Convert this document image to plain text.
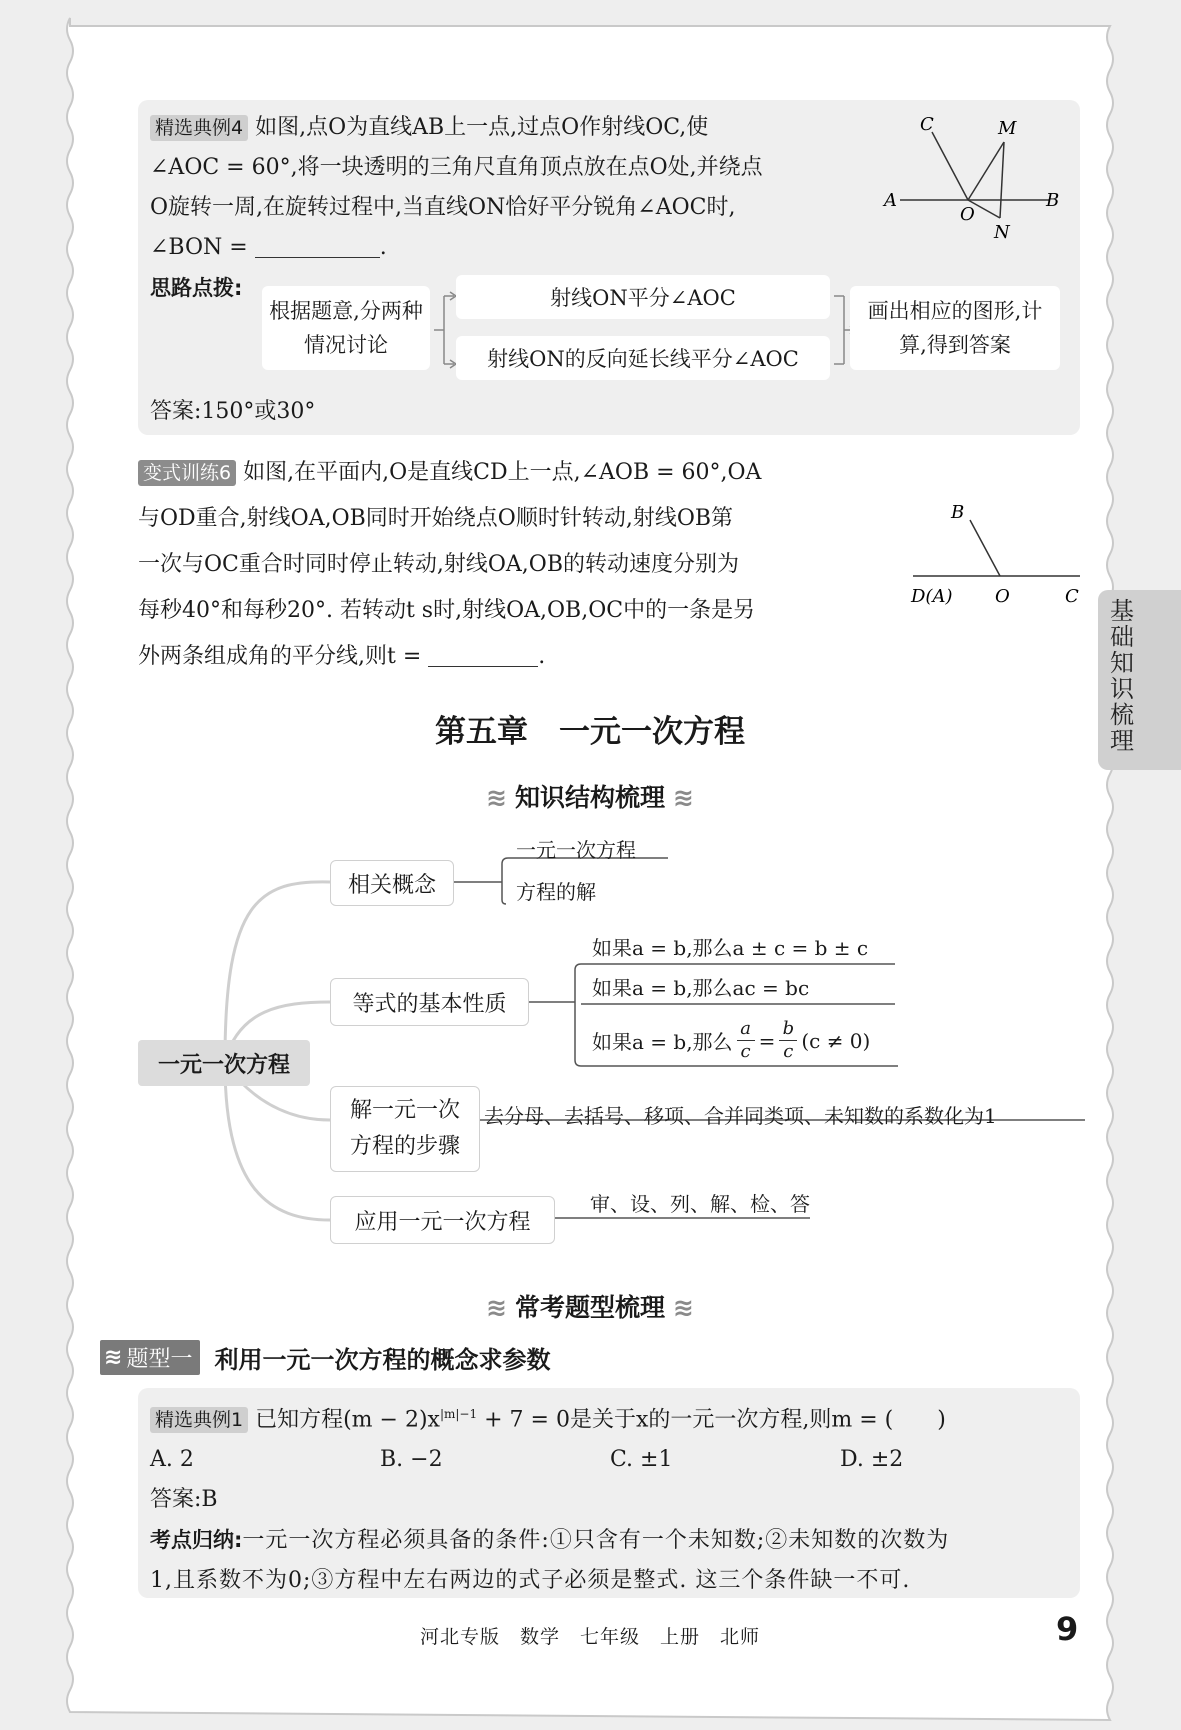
基
础
知
识
梳
理
精选典例4 如图,点O为直线AB上一点,过点O作射线OC,使
∠AOC = 60°,将一块透明的三角尺直角顶点放在点O处,并绕点
O旋转一周,在旋转过程中,当直线ON恰好平分锐角∠AOC时,
∠BON =	.
C	M
A
O
B
N
思路点拨:
根据题意,分两种情况讨论
射线ON平分∠AOC
射线ON的反向延长线平分∠AOC
画出相应的图形,计算,得到答案
答案:150°或30°
变式训练6 如图,在平面内,O是直线CD上一点,∠AOB = 60°,OA
与OD重合,射线OA,OB同时开始绕点O顺时针转动,射线OB第
一次与OC重合时同时停止转动,射线OA,OB的转动速度分别为
每秒40°和每秒20°. 若转动t s时,射线OA,OB,OC中的一条是另
外两条组成角的平分线,则t =	.
B
D(A) O	C
第五章　一元一次方程
≋ 知识结构梳理 ≋
一元一次方程
相关概念
一元一次方程
方程的解
等式的基本性质
如果a = b,那么a ± c = b ± c
如果a = b,那么ac = bc
如果a = b,那么 $\frac{a}{c} = \frac{b}{c} (c \ne 0)$
解一元一次
方程的步骤
去分母、去括号、移项、合并同类项、未知数的系数化为1
应用一元一次方程
审、设、列、解、检、答
≋ 常考题型梳理 ≋
≋ 题型一 利用一元一次方程的概念求参数
精选典例1 已知方程$(m - 2)x^{|m|-1} + 7 = 0$是关于x的一元一次方程,则m = (　　)
A. 2	B. −2	C. ±1	D. ±2
答案:B
考点归纳:一元一次方程必须具备的条件:①只含有一个未知数;②未知数的次数为
1,且系数不为0;③方程中左右两边的式子必须是整式. 这三个条件缺一不可.
河北专版　数学　七年级　上册　北师	9
